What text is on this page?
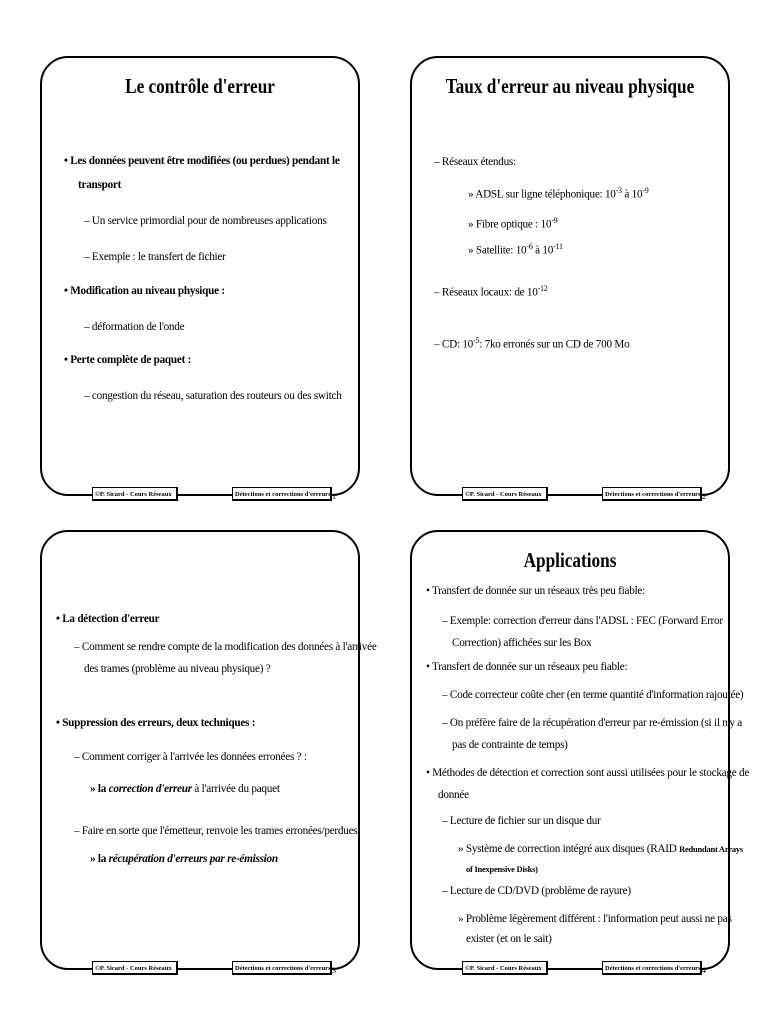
Le contrôle d'erreur
• Les données peuvent être modifiées (ou perdues) pendant le
transport
– Un service primordial pour de nombreuses applications
– Exemple : le transfert de fichier
• Modification au niveau physique :
– déformation de l'onde
• Perte complète de paquet :
– congestion du réseau, saturation des routeurs ou des switch
©P. Sicard - Cours Réseaux	Détections et corrections d'erreurs 1
Taux d'erreur au niveau physique
– Réseaux étendus:
» ADSL sur ligne téléphonique: $10^{-3}$ à $10^{-9}$
» Fibre optique : $10^{-9}$
» Satellite: $10^{-6}$ à $10^{-11}$
– Réseaux locaux: de $10^{-12}$
– CD: $10^{-5}$: 7ko erronés sur un CD de 700 Mo
©P. Sicard - Cours Réseaux	Détections et corrections d'erreurs 2
• La détection d'erreur
– Comment se rendre compte de la modification des données à l'arrivée
des trames (problème au niveau physique) ?
• Suppression des erreurs, deux techniques :
– Comment corriger à l'arrivée les données erronées ? :
» la correction d'erreur à l'arrivée du paquet
– Faire en sorte que l'émetteur, renvoie les trames erronées/perdues:
» la récupération d'erreurs par re-émission
©P. Sicard - Cours Réseaux	Détections et corrections d'erreurs 3
Applications
• Transfert de donnée sur un réseaux très peu fiable:
– Exemple: correction d'erreur dans l'ADSL : FEC (Forward Error
Correction) affichées sur les Box
• Transfert de donnée sur un réseaux peu fiable:
– Code correcteur coûte cher (en terme quantité d'information rajoutée)
– On préfère faire de la récupération d'erreur par re-émission (si il n'y a
pas de contrainte de temps)
• Méthodes de détection et correction sont aussi utilisées pour le stockage de
donnée
– Lecture de fichier sur un disque dur
» Système de correction intégré aux disques (RAID Redundant Arrays
of Inexpensive Disks)
– Lecture de CD/DVD (problème de rayure)
» Problème légèrement différent : l'information peut aussi ne pas
exister (et on le sait)
©P. Sicard - Cours Réseaux	Détections et corrections d'erreurs 4
